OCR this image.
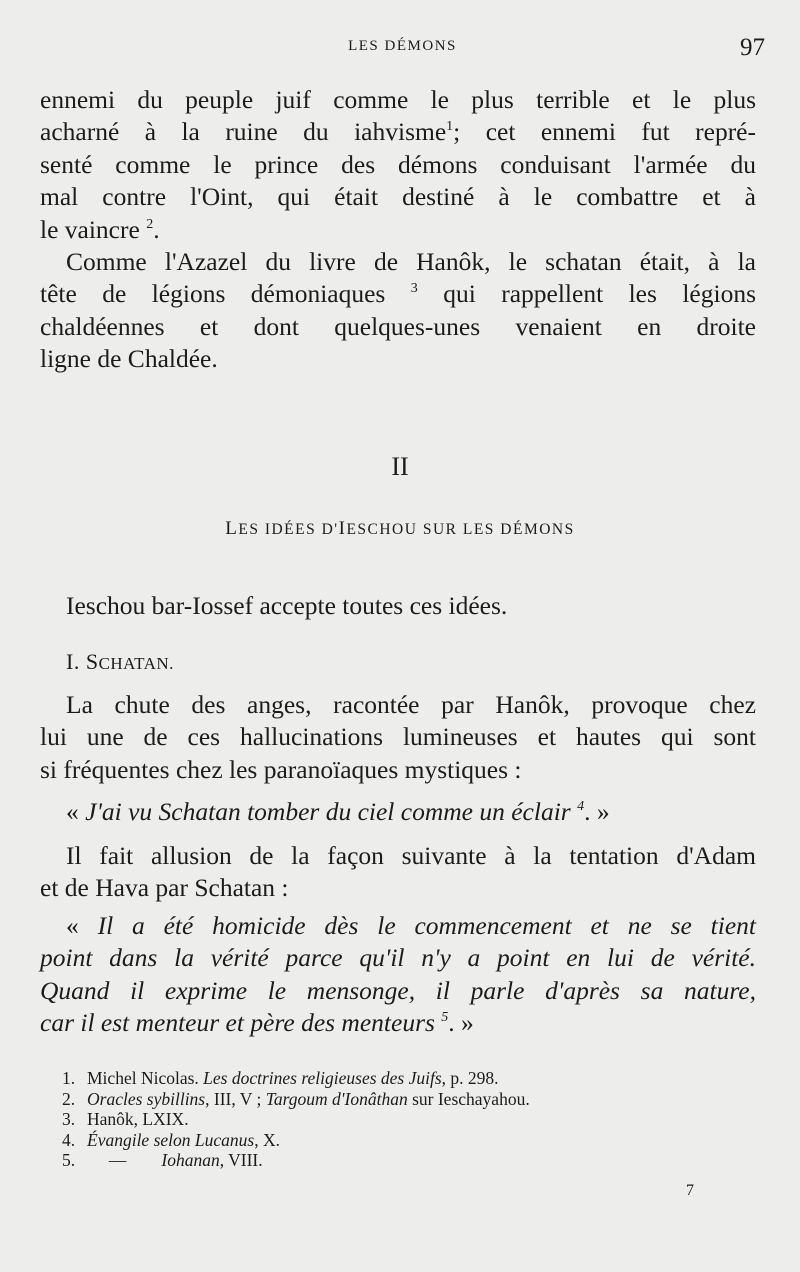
LES DÉMONS	97

ennemi du peuple juif comme le plus terrible et le plus

acharné à la ruine du iahvisme$^1$; cet ennemi fut repré-

senté comme le prince des démons conduisant l'armée du

mal contre l'Oint, qui était destiné à le combattre et à

le vaincre $^2$.

Comme l'Azazel du livre de Hanôk, le schatan était, à la

tête de légions démoniaques $^3$ qui rappellent les légions

chaldéennes et dont quelques-unes venaient en droite

ligne de Chaldée.

II
LES IDÉES D'IESCHOU SUR LES DÉMONS

Ieschou bar-Iossef accepte toutes ces idées.

I. SCHATAN.

La chute des anges, racontée par Hanôk, provoque chez

lui une de ces hallucinations lumineuses et hautes qui sont

si fréquentes chez les paranoïaques mystiques :

« J'ai vu Schatan tomber du ciel comme un éclair $^4$. »

Il fait allusion de la façon suivante à la tentation d'Adam

et de Hava par Schatan :

« Il a été homicide dès le commencement et ne se tient

point dans la vérité parce qu'il n'y a point en lui de vérité.

Quand il exprime le mensonge, il parle d'après sa nature,

car il est menteur et père des menteurs $^5$. »

1. Michel Nicolas. Les doctrines religieuses des Juifs, p. 298.
2. Oracles sybillins, III, V ; Targoum d'Ionâthan sur Ieschayahou.
3. Hanôk, LXIX.
4. Évangile selon Lucanus, X.
5.     —        Iohanan, VIII.
7
